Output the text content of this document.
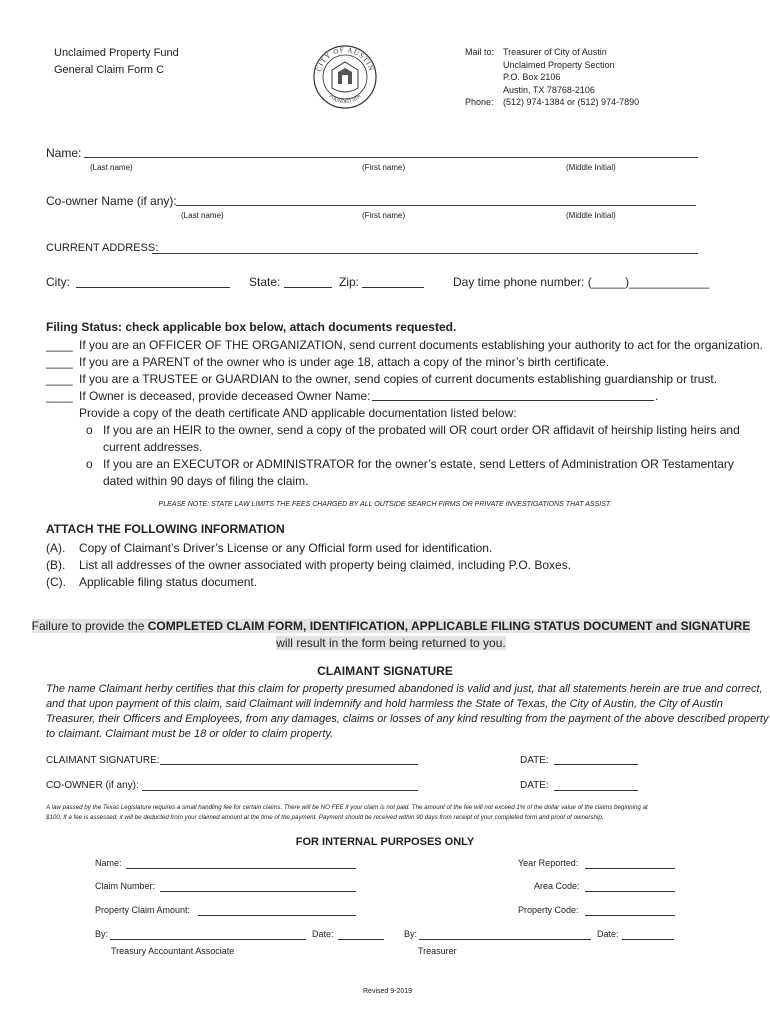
Unclaimed Property Fund
General Claim Form C	CITY OF AUSTIN
FOUNDED 1839
Mail to: Treasurer of City of Austin
Unclaimed Property Section
P.O. Box 2106
Austin, TX 78768-2106
Phone: (512) 974-1384 or (512) 974-7890
Name:
(Last name)	(First name)	(Middle Initial)
Co-owner Name (if any):
(Last name)	(First name)	(Middle Initial)
CURRENT ADDRESS:
City:	State:	Zip:	Day time phone number: (_____)____________
Filing Status: check applicable box below, attach documents requested.
____ If you are an OFFICER OF THE ORGANIZATION, send current documents establishing your authority to act for the organization.
____ If you are a PARENT of the owner who is under age 18, attach a copy of the minor’s birth certificate.
____ If you are a TRUSTEE or GUARDIAN to the owner, send copies of current documents establishing guardianship or trust.
____ If Owner is deceased, provide deceased Owner Name:	.
Provide a copy of the death certificate AND applicable documentation listed below:
o If you are an HEIR to the owner, send a copy of the probated will OR court order OR affidavit of heirship listing heirs and
current addresses.
o If you are an EXECUTOR or ADMINISTRATOR for the owner’s estate, send Letters of Administration OR Testamentary
dated within 90 days of filing the claim.
PLEASE NOTE: STATE LAW LIMITS THE FEES CHARGED BY ALL OUTSIDE SEARCH FIRMS OR PRIVATE INVESTIGATIONS THAT ASSIST.
ATTACH THE FOLLOWING INFORMATION
(A). Copy of Claimant’s Driver’s License or any Official form used for identification.
(B). List all addresses of the owner associated with property being claimed, including P.O. Boxes.
(C). Applicable filing status document.
Failure to provide the COMPLETED CLAIM FORM, IDENTIFICATION, APPLICABLE FILING STATUS DOCUMENT and SIGNATURE
will result in the form being returned to you.
CLAIMANT SIGNATURE
The name Claimant herby certifies that this claim for property presumed abandoned is valid and just, that all statements herein are true and correct,
and that upon payment of this claim, said Claimant will indemnify and hold harmless the State of Texas, the City of Austin, the City of Austin
Treasurer, their Officers and Employees, from any damages, claims or losses of any kind resulting from the payment of the above described property
to claimant. Claimant must be 18 or older to claim property.
CLAIMANT SIGNATURE:	DATE:
CO-OWNER (if any):	DATE:
A law passed by the Texas Legislature requires a small handling fee for certain claims. There will be NO FEE if your claim is not paid. The amount of the fee will not exceed 1% of the dollar value of the claims beginning at
$100. If a fee is assessed, it will be deducted from your claimed amount at the time of the payment. Payment should be received within 90 days from receipt of your completed form and proof of ownership.
FOR INTERNAL PURPOSES ONLY
Name:	Year Reported:
Claim Number:	Area Code:
Property Claim Amount:	Property Code:
By:	Date:	By:	Date:
Treasury Accountant Associate	Treasurer
Revised 9-2019
